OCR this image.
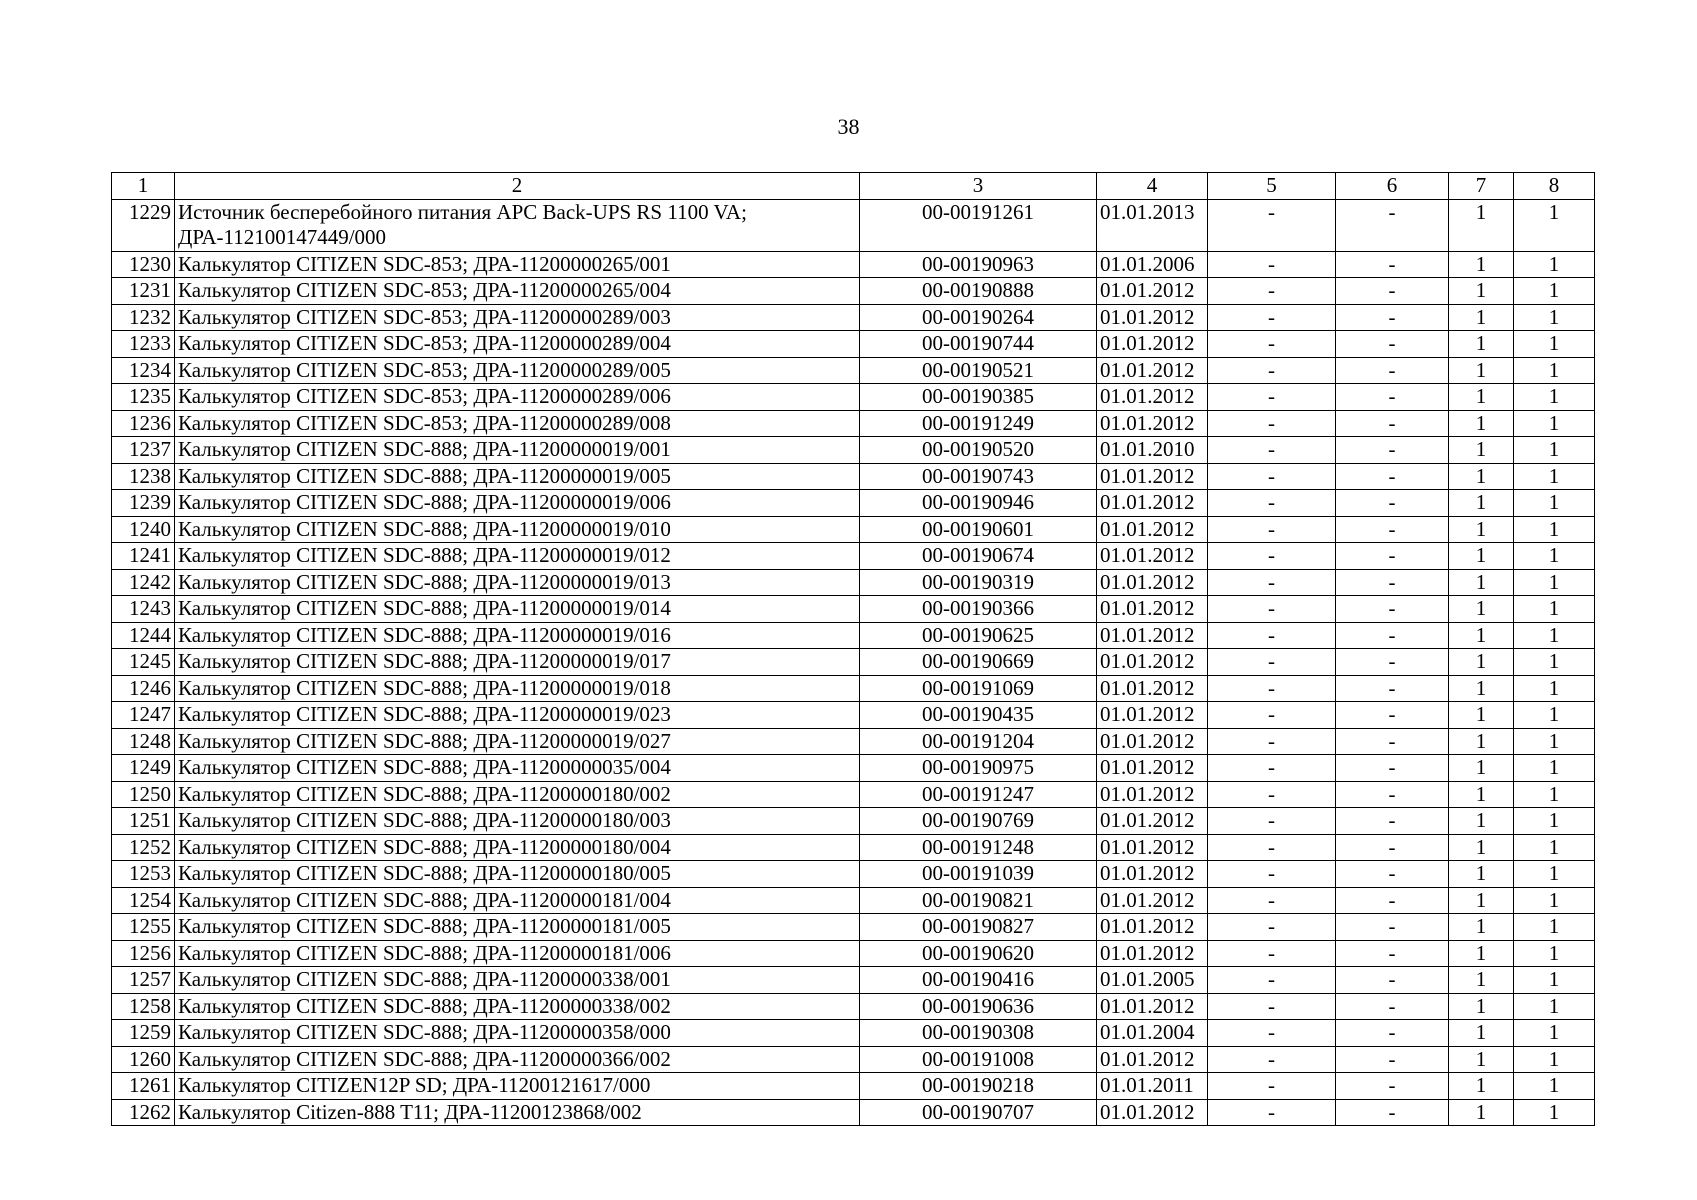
38
1	2	3	4	5	6	7	8
1229	Источник бесперебойного питания APC Back-UPS RS 1100 VA; ДРА-112100147449/000	00-00191261	01.01.2013	-	-	1	1
1230	Калькулятор CITIZEN SDC-853; ДРА-11200000265/001	00-00190963	01.01.2006	-	-	1	1
1231	Калькулятор CITIZEN SDC-853; ДРА-11200000265/004	00-00190888	01.01.2012	-	-	1	1
1232	Калькулятор CITIZEN SDC-853; ДРА-11200000289/003	00-00190264	01.01.2012	-	-	1	1
1233	Калькулятор CITIZEN SDC-853; ДРА-11200000289/004	00-00190744	01.01.2012	-	-	1	1
1234	Калькулятор CITIZEN SDC-853; ДРА-11200000289/005	00-00190521	01.01.2012	-	-	1	1
1235	Калькулятор CITIZEN SDC-853; ДРА-11200000289/006	00-00190385	01.01.2012	-	-	1	1
1236	Калькулятор CITIZEN SDC-853; ДРА-11200000289/008	00-00191249	01.01.2012	-	-	1	1
1237	Калькулятор CITIZEN SDC-888; ДРА-11200000019/001	00-00190520	01.01.2010	-	-	1	1
1238	Калькулятор CITIZEN SDC-888; ДРА-11200000019/005	00-00190743	01.01.2012	-	-	1	1
1239	Калькулятор CITIZEN SDC-888; ДРА-11200000019/006	00-00190946	01.01.2012	-	-	1	1
1240	Калькулятор CITIZEN SDC-888; ДРА-11200000019/010	00-00190601	01.01.2012	-	-	1	1
1241	Калькулятор CITIZEN SDC-888; ДРА-11200000019/012	00-00190674	01.01.2012	-	-	1	1
1242	Калькулятор CITIZEN SDC-888; ДРА-11200000019/013	00-00190319	01.01.2012	-	-	1	1
1243	Калькулятор CITIZEN SDC-888; ДРА-11200000019/014	00-00190366	01.01.2012	-	-	1	1
1244	Калькулятор CITIZEN SDC-888; ДРА-11200000019/016	00-00190625	01.01.2012	-	-	1	1
1245	Калькулятор CITIZEN SDC-888; ДРА-11200000019/017	00-00190669	01.01.2012	-	-	1	1
1246	Калькулятор CITIZEN SDC-888; ДРА-11200000019/018	00-00191069	01.01.2012	-	-	1	1
1247	Калькулятор CITIZEN SDC-888; ДРА-11200000019/023	00-00190435	01.01.2012	-	-	1	1
1248	Калькулятор CITIZEN SDC-888; ДРА-11200000019/027	00-00191204	01.01.2012	-	-	1	1
1249	Калькулятор CITIZEN SDC-888; ДРА-11200000035/004	00-00190975	01.01.2012	-	-	1	1
1250	Калькулятор CITIZEN SDC-888; ДРА-11200000180/002	00-00191247	01.01.2012	-	-	1	1
1251	Калькулятор CITIZEN SDC-888; ДРА-11200000180/003	00-00190769	01.01.2012	-	-	1	1
1252	Калькулятор CITIZEN SDC-888; ДРА-11200000180/004	00-00191248	01.01.2012	-	-	1	1
1253	Калькулятор CITIZEN SDC-888; ДРА-11200000180/005	00-00191039	01.01.2012	-	-	1	1
1254	Калькулятор CITIZEN SDC-888; ДРА-11200000181/004	00-00190821	01.01.2012	-	-	1	1
1255	Калькулятор CITIZEN SDC-888; ДРА-11200000181/005	00-00190827	01.01.2012	-	-	1	1
1256	Калькулятор CITIZEN SDC-888; ДРА-11200000181/006	00-00190620	01.01.2012	-	-	1	1
1257	Калькулятор CITIZEN SDC-888; ДРА-11200000338/001	00-00190416	01.01.2005	-	-	1	1
1258	Калькулятор CITIZEN SDC-888; ДРА-11200000338/002	00-00190636	01.01.2012	-	-	1	1
1259	Калькулятор CITIZEN SDC-888; ДРА-11200000358/000	00-00190308	01.01.2004	-	-	1	1
1260	Калькулятор CITIZEN SDC-888; ДРА-11200000366/002	00-00191008	01.01.2012	-	-	1	1
1261	Калькулятор CITIZEN12P SD; ДРА-11200121617/000	00-00190218	01.01.2011	-	-	1	1
1262	Калькулятор Citizen-888 T11; ДРА-11200123868/002	00-00190707	01.01.2012	-	-	1	1
